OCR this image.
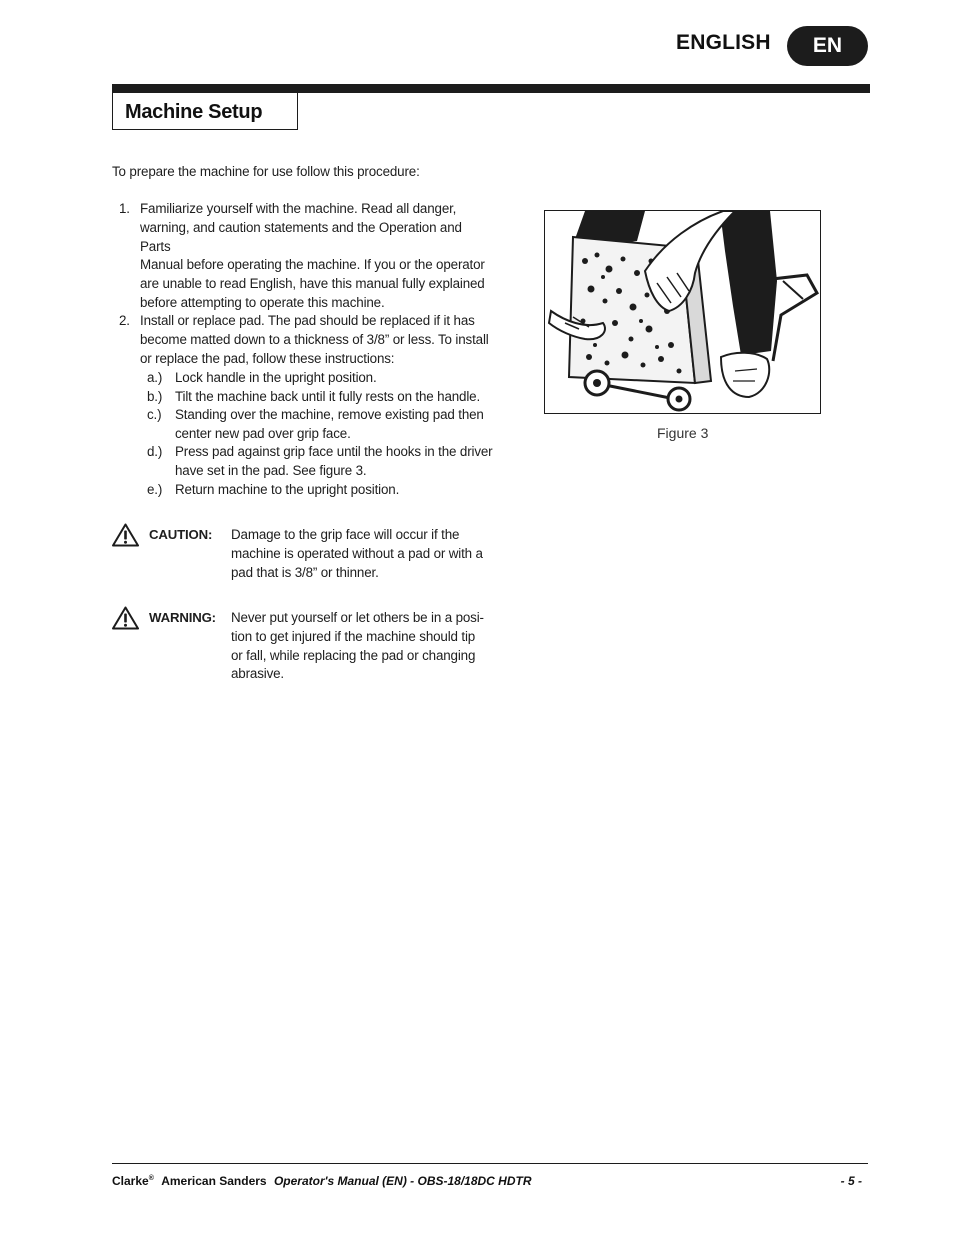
ENGLISH	EN
Machine Setup
To prepare the machine for use follow this procedure:
1. Familiarize yourself with the machine. Read all danger,
warning, and caution statements and the Operation and Parts
Manual before operating the machine. If you or the operator
are unable to read English, have this manual fully explained
before attempting to operate this machine.
2. Install or replace pad. The pad should be replaced if it has
become matted down to a thickness of 3/8” or less. To install
or replace the pad, follow these instructions:
a.) Lock handle in the upright position.
b.) Tilt the machine back until it fully rests on the handle.
c.) Standing over the machine, remove existing pad then
center new pad over grip face.
d.) Press pad against grip face until the hooks in the driver
have set in the pad. See figure 3.
e.) Return machine to the upright position.
CAUTION: Damage to the grip face will occur if the
machine is operated without a pad or with a
pad that is 3/8” or thinner.
WARNING: Never put yourself or let others be in a posi-
tion to get injured if the machine should tip
or fall, while replacing the pad or changing
abrasive.
Figure 3
Clarke® American Sanders Operator's Manual (EN) - OBS-18/18DC HDTR	- 5 -
